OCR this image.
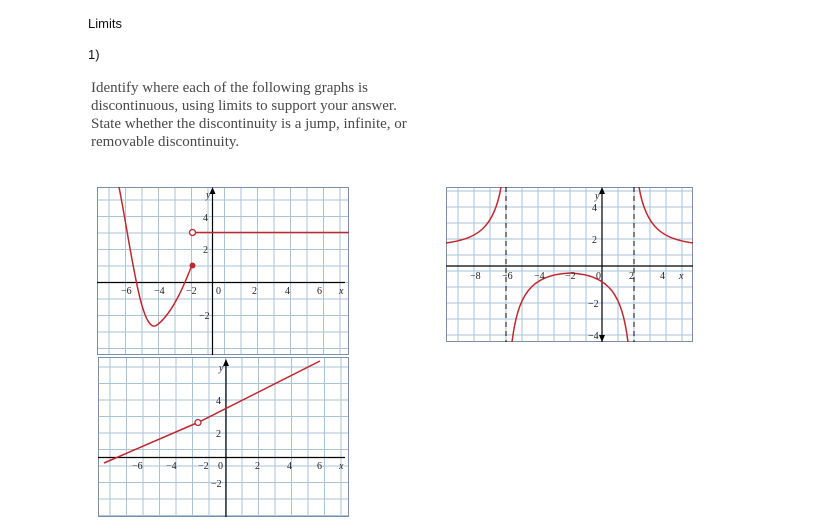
Limits
1)

Identify where each of the following graphs is discontinuous, using limits to support your answer. State whether the discontinuity is a jump, infinite, or removable discontinuity.

−6 −4 −2 0	2	4	6 x
y
4
2
−2
−8 −6 −4 −2 0	2	4 x
y
4
2
−2
−4
−6 −4 −2 0	2	4	6 x
y
4
2
−2
